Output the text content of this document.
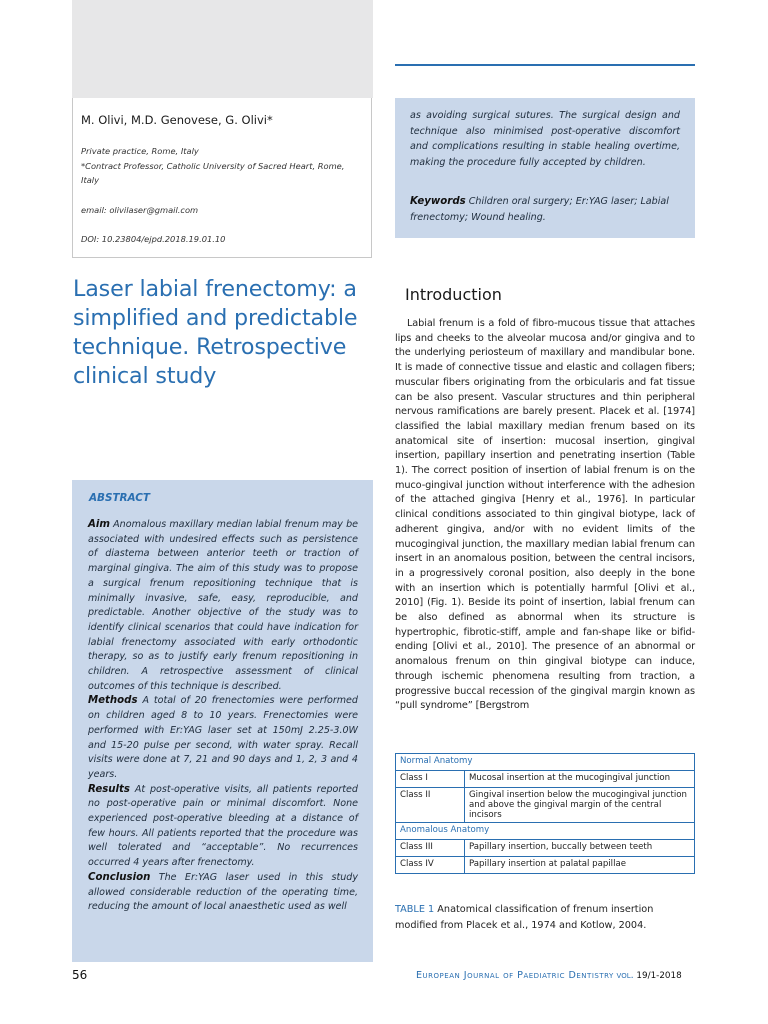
M. Olivi, M.D. Genovese, G. Olivi*
Private practice, Rome, Italy
*Contract Professor, Catholic University of Sacred Heart, Rome, Italy
email: olivilaser@gmail.com
DOI: 10.23804/ejpd.2018.19.01.10
Laser labial frenectomy: a simplified and predictable technique. Retrospective clinical study
ABSTRACT

Aim Anomalous maxillary median labial frenum may be associated with undesired effects such as persistence of diastema between anterior teeth or traction of marginal gingiva. The aim of this study was to propose a surgical frenum repositioning technique that is minimally invasive, safe, easy, reproducible, and predictable. Another objective of the study was to identify clinical scenarios that could have indication for labial frenectomy associated with early orthodontic therapy, so as to justify early frenum repositioning in children. A retrospective assessment of clinical outcomes of this technique is described.

Methods A total of 20 frenectomies were performed on children aged 8 to 10 years. Frenectomies were performed with Er:YAG laser set at 150mJ 2.25-3.0W and 15-20 pulse per second, with water spray. Recall visits were done at 7, 21 and 90 days and 1, 2, 3 and 4 years.

Results At post-operative visits, all patients reported no post-operative pain or minimal discomfort. None experienced post-operative bleeding at a distance of few hours. All patients reported that the procedure was well tolerated and “acceptable”. No recurrences occurred 4 years after frenectomy.

Conclusion The Er:YAG laser used in this study allowed considerable reduction of the operating time, reducing the amount of local anaesthetic used as well

as avoiding surgical sutures. The surgical design and technique also minimised post-operative discomfort and complications resulting in stable healing overtime, making the procedure fully accepted by children.
Keywords Children oral surgery; Er:YAG laser; Labial frenectomy; Wound healing.
Introduction
Labial frenum is a fold of fibro-mucous tissue that attaches lips and cheeks to the alveolar mucosa and/or gingiva and to the underlying periosteum of maxillary and mandibular bone. It is made of connective tissue and elastic and collagen fibers; muscular fibers originating from the orbicularis and fat tissue can be also present. Vascular structures and thin peripheral nervous ramifications are barely present. Placek et al. [1974] classified the labial maxillary median frenum based on its anatomical site of insertion: mucosal insertion, gingival insertion, papillary insertion and penetrating insertion (Table 1). The correct position of insertion of labial frenum is on the muco-gingival junction without interference with the adhesion of the attached gingiva [Henry et al., 1976]. In particular clinical conditions associated to thin gingival biotype, lack of adherent gingiva, and/or with no evident limits of the mucogingival junction, the maxillary median labial frenum can insert in an anomalous position, between the central incisors, in a progressively coronal position, also deeply in the bone with an insertion which is potentially harmful [Olivi et al., 2010] (Fig. 1). Beside its point of insertion, labial frenum can be also defined as abnormal when its structure is hypertrophic, fibrotic-stiff, ample and fan-shape like or bifid-ending [Olivi et al., 2010]. The presence of an abnormal or anomalous frenum on thin gingival biotype can induce, through ischemic phenomena resulting from traction, a progressive buccal recession of the gingival margin known as “pull syndrome” [Bergstrom
Normal Anatomy	
Class I	Mucosal insertion at the mucogingival junction
Class II	Gingival insertion below the mucogingival junction and above the gingival margin of the central incisors
Anomalous Anatomy	
Class III	Papillary insertion, buccally between teeth
Class IV	Papillary insertion at palatal papillae
TABLE 1 Anatomical classification of frenum insertion modified from Placek et al., 1974 and Kotlow, 2004.
56	European Journal of Paediatric Dentistry vol. 19/1-2018
